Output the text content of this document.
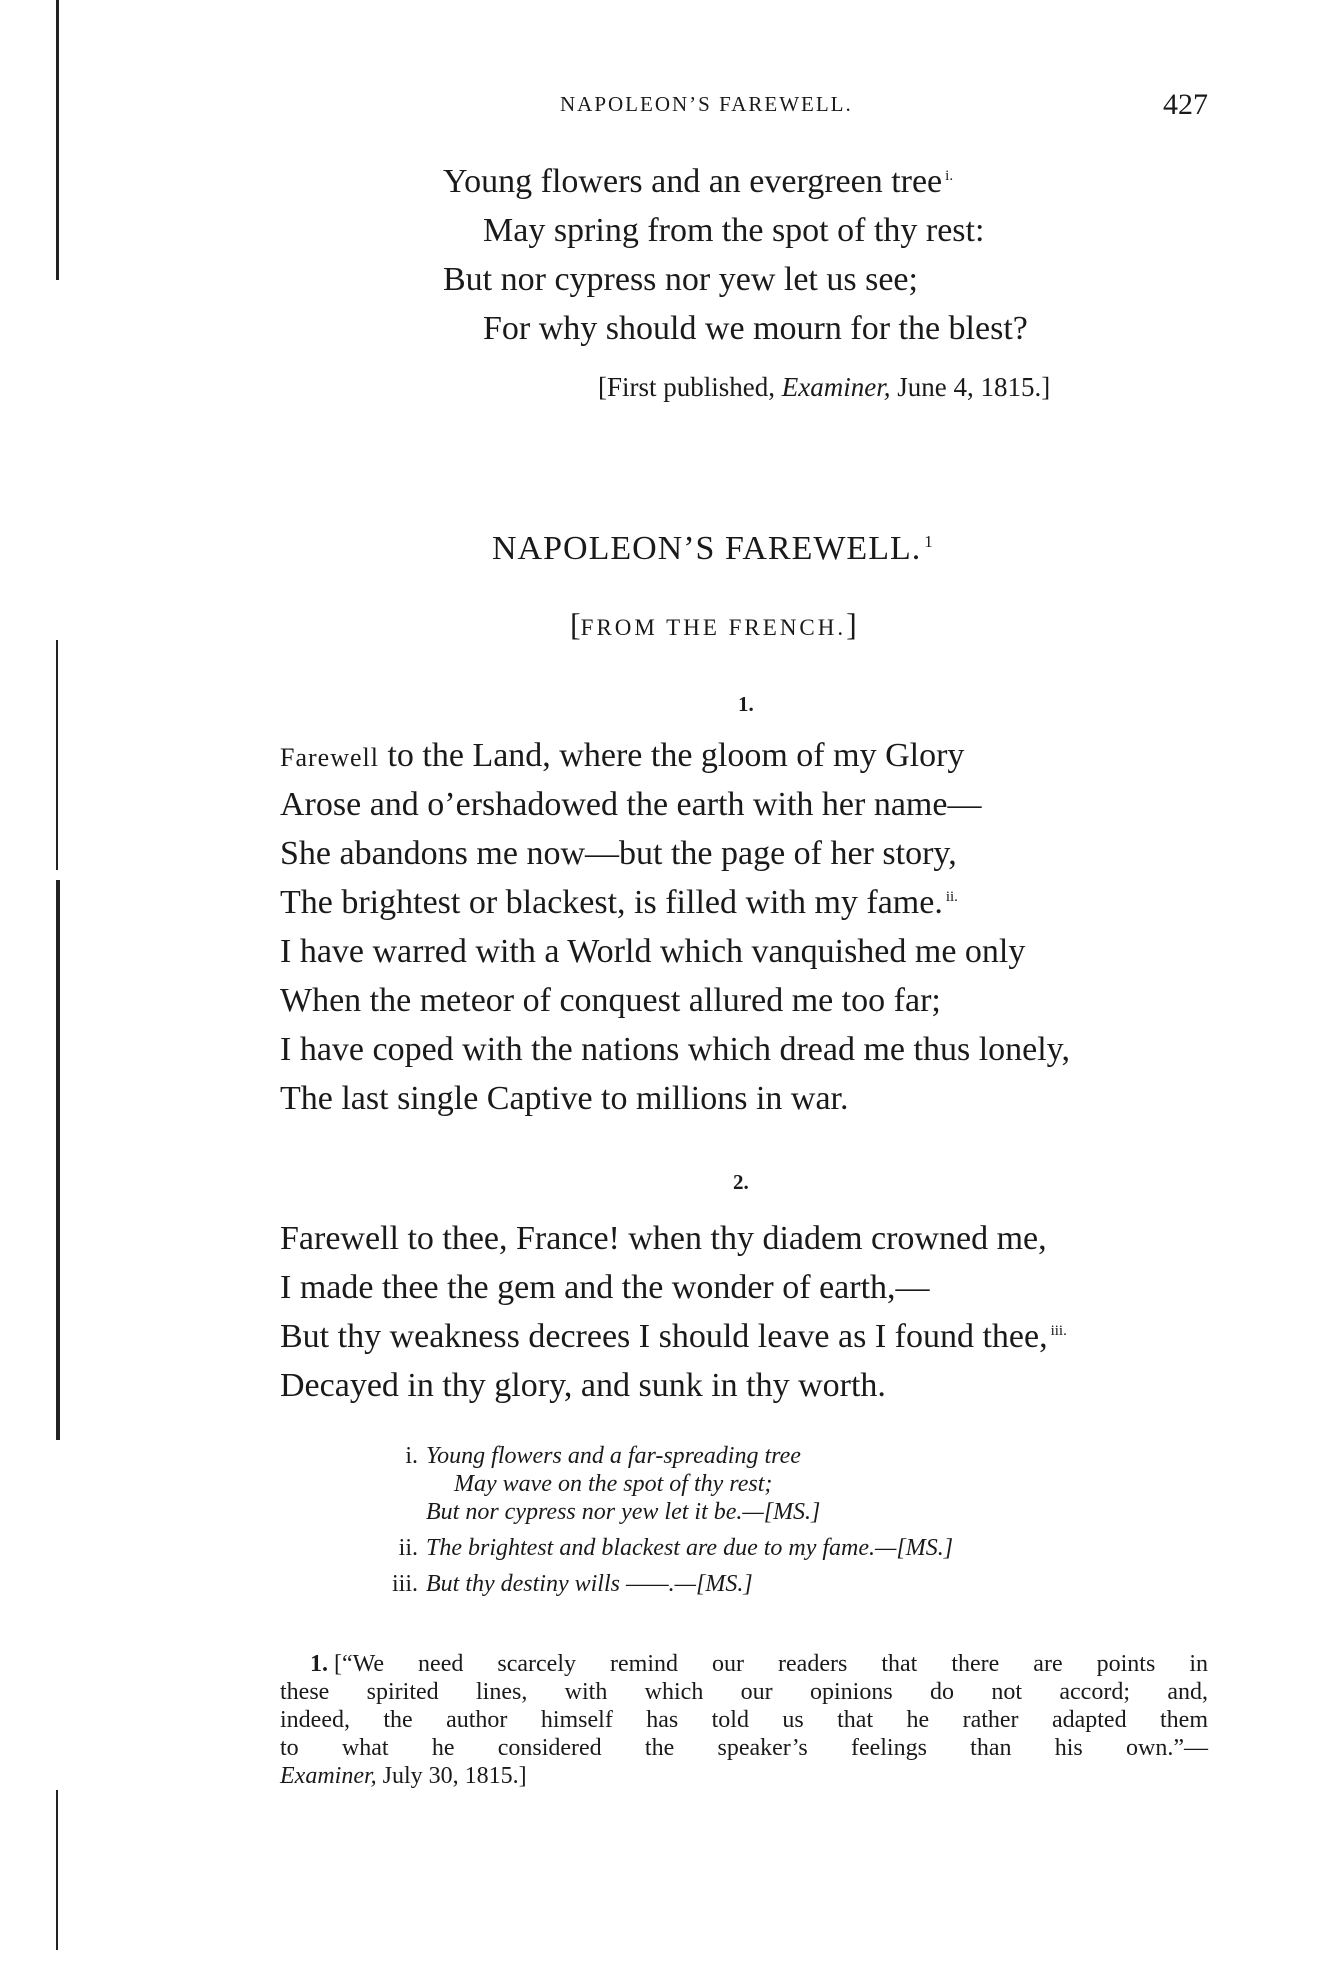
NAPOLEON’S FAREWELL.	427
Young flowers and an evergreen tree $^{i.}$
May spring from the spot of thy rest:
But nor cypress nor yew let us see;
For why should we mourn for the blest?
[First published, Examiner, June 4, 1815.]
NAPOLEON’S FAREWELL. $^1$
[FROM THE FRENCH.]
1.
Farewell to the Land, where the gloom of my Glory
Arose and o’ershadowed the earth with her name—
She abandons me now—but the page of her story,
The brightest or blackest, is filled with my fame. $^{ii.}$
I have warred with a World which vanquished me only
When the meteor of conquest allured me too far;
I have coped with the nations which dread me thus lonely,
The last single Captive to millions in war.
2.
Farewell to thee, France! when thy diadem crowned me,
I made thee the gem and the wonder of earth,—
But thy weakness decrees I should leave as I found thee, $^{iii.}$
Decayed in thy glory, and sunk in thy worth.
i. Young flowers and a far-spreading tree
May wave on the spot of thy rest;
But nor cypress nor yew let it be.—[MS.]
ii. The brightest and blackest are due to my fame.—[MS.]
iii. But thy destiny wills ——.—[MS.]
1. [“We need scarcely remind our readers that there are points in
these spirited lines, with which our opinions do not accord; and,
indeed, the author himself has told us that he rather adapted them
to what he considered the speaker’s feelings than his own.”—
Examiner, July 30, 1815.]
